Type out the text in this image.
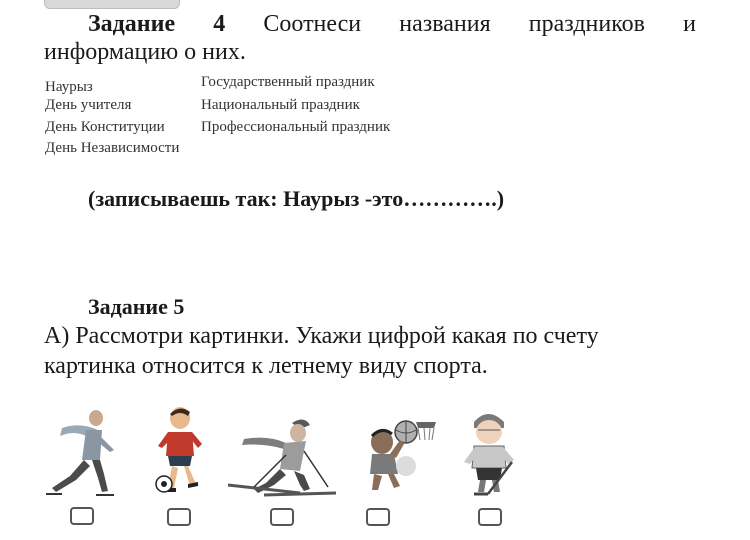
Задание 4 Соотнеси названия праздников и
информацию о них.
Наурыз
День учителя
День Конституции
День Независимости
Государственный праздник
Национальный праздник
Профессиональный праздник
(записываешь так: Наурыз -это………….)
Задание 5
А) Рассмотри картинки. Укажи цифрой какая по счету
картинка относится к летнему виду спорта.
